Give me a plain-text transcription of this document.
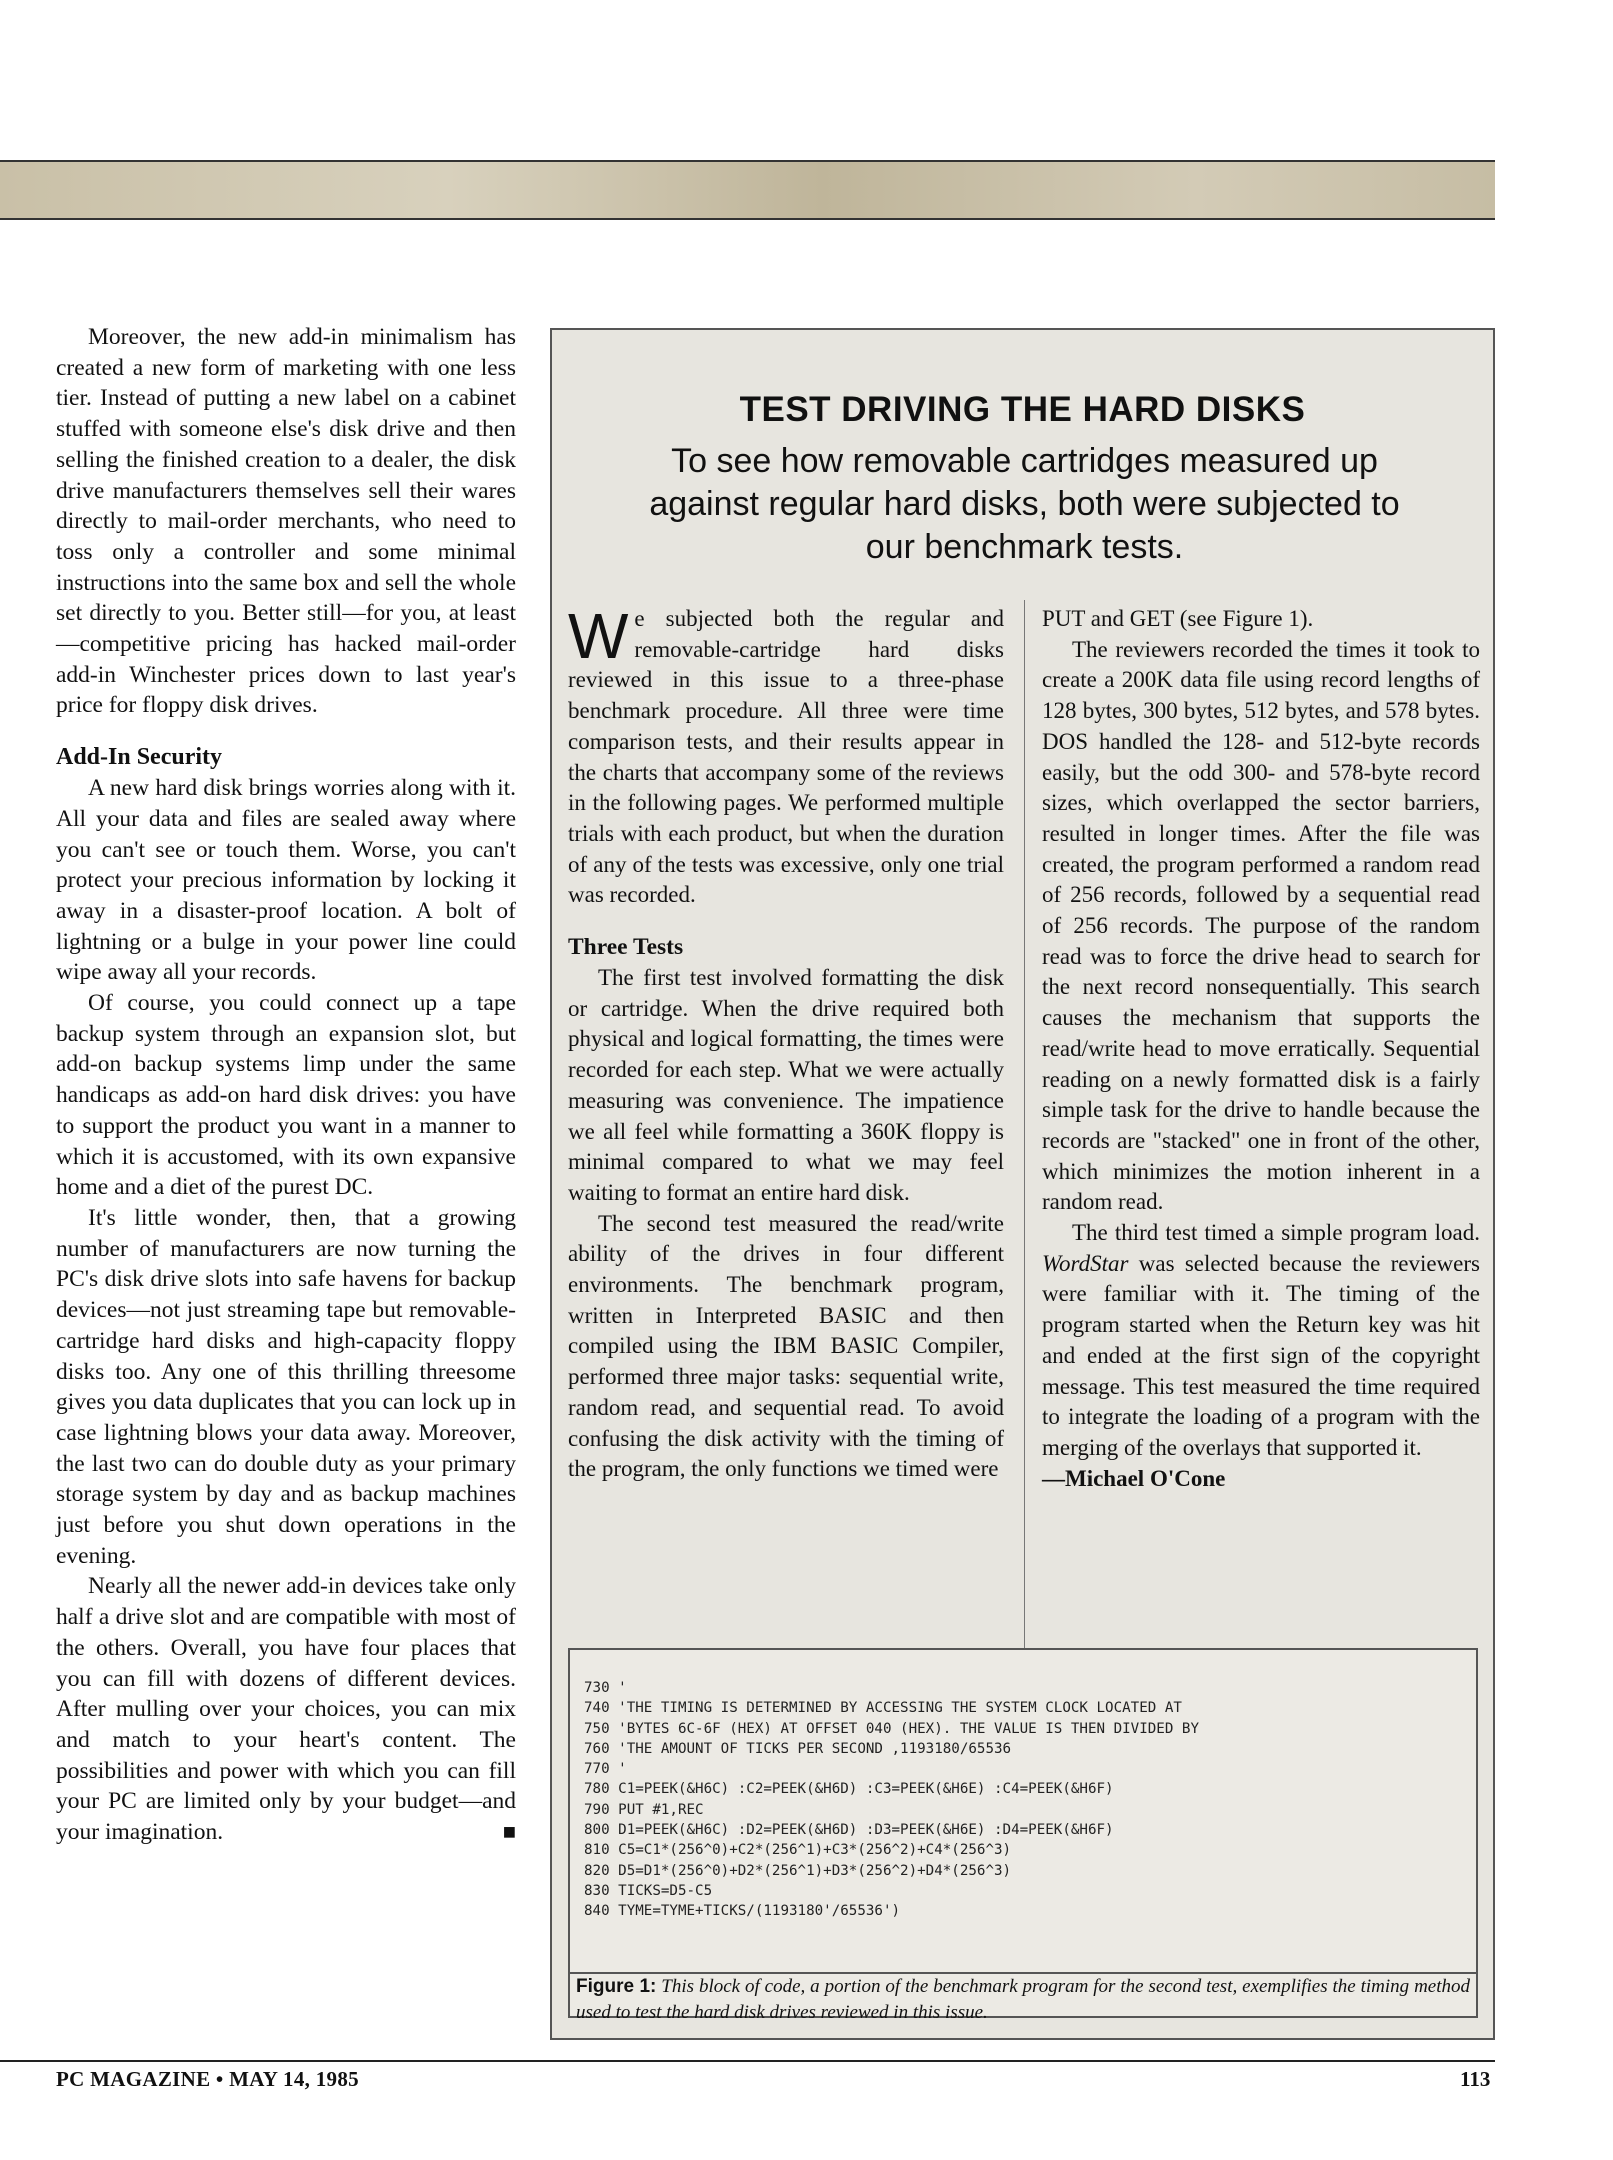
Moreover, the new add-in minimalism has created a new form of marketing with one less tier. Instead of putting a new label on a cabinet stuffed with someone else's disk drive and then selling the finished creation to a dealer, the disk drive manufacturers themselves sell their wares directly to mail-order merchants, who need to toss only a controller and some minimal instructions into the same box and sell the whole set directly to you. Better still—for you, at least—competitive pricing has hacked mail-order add-in Winchester prices down to last year's price for floppy disk drives.

Add-In Security

A new hard disk brings worries along with it. All your data and files are sealed away where you can't see or touch them. Worse, you can't protect your precious information by locking it away in a disaster-proof location. A bolt of lightning or a bulge in your power line could wipe away all your records.

Of course, you could connect up a tape backup system through an expansion slot, but add-on backup systems limp under the same handicaps as add-on hard disk drives: you have to support the product you want in a manner to which it is accustomed, with its own expansive home and a diet of the purest DC.

It's little wonder, then, that a growing number of manufacturers are now turning the PC's disk drive slots into safe havens for backup devices—not just streaming tape but removable-cartridge hard disks and high-capacity floppy disks too. Any one of this thrilling threesome gives you data duplicates that you can lock up in case lightning blows your data away. Moreover, the last two can do double duty as your primary storage system by day and as backup machines just before you shut down operations in the evening.

Nearly all the newer add-in devices take only half a drive slot and are compatible with most of the others. Overall, you have four places that you can fill with dozens of different devices. After mulling over your choices, you can mix and match to your heart's content. The possibilities and power with which you can fill your PC are limited only by your budget—and your imagination.	■

TEST DRIVING THE HARD DISKS
To see how removable cartridges measured up against regular hard disks, both were subjected to our benchmark tests.

We subjected both the regular and removable-cartridge hard disks reviewed in this issue to a three-phase benchmark procedure. All three were time comparison tests, and their results appear in the charts that accompany some of the reviews in the following pages. We performed multiple trials with each product, but when the duration of any of the tests was excessive, only one trial was recorded.

Three Tests

The first test involved formatting the disk or cartridge. When the drive required both physical and logical formatting, the times were recorded for each step. What we were actually measuring was convenience. The impatience we all feel while formatting a 360K floppy is minimal compared to what we may feel waiting to format an entire hard disk.

The second test measured the read/write ability of the drives in four different environments. The benchmark program, written in Interpreted BASIC and then compiled using the IBM BASIC Compiler, performed three major tasks: sequential write, random read, and sequential read. To avoid confusing the disk activity with the timing of the program, the only functions we timed were

PUT and GET (see Figure 1).

The reviewers recorded the times it took to create a 200K data file using record lengths of 128 bytes, 300 bytes, 512 bytes, and 578 bytes. DOS handled the 128- and 512-byte records easily, but the odd 300- and 578-byte record sizes, which overlapped the sector barriers, resulted in longer times. After the file was created, the program performed a random read of 256 records, followed by a sequential read of 256 records. The purpose of the random read was to force the drive head to search for the next record nonsequentially. This search causes the mechanism that supports the read/write head to move erratically. Sequential reading on a newly formatted disk is a fairly simple task for the drive to handle because the records are "stacked" one in front of the other, which minimizes the motion inherent in a random read.

The third test timed a simple program load. WordStar was selected because the reviewers were familiar with it. The timing of the program started when the Return key was hit and ended at the first sign of the copyright message. This test measured the time required to integrate the loading of a program with the merging of the overlays that supported it.

—Michael O'Cone

730 '
740 'THE TIMING IS DETERMINED BY ACCESSING THE SYSTEM CLOCK LOCATED AT
750 'BYTES 6C-6F (HEX) AT OFFSET 040 (HEX). THE VALUE IS THEN DIVIDED BY
760 'THE AMOUNT OF TICKS PER SECOND ,1193180/65536
770 '
780 C1=PEEK(&H6C) :C2=PEEK(&H6D) :C3=PEEK(&H6E) :C4=PEEK(&H6F)
790 PUT #1,REC
800 D1=PEEK(&H6C) :D2=PEEK(&H6D) :D3=PEEK(&H6E) :D4=PEEK(&H6F)
810 C5=C1*(256^0)+C2*(256^1)+C3*(256^2)+C4*(256^3)
820 D5=D1*(256^0)+D2*(256^1)+D3*(256^2)+D4*(256^3)
830 TICKS=D5-C5
840 TYME=TYME+TICKS/(1193180'/65536')
Figure 1: This block of code, a portion of the benchmark program for the second test, exemplifies the timing method used to test the hard disk drives reviewed in this issue.
PC MAGAZINE • MAY 14, 1985	113
